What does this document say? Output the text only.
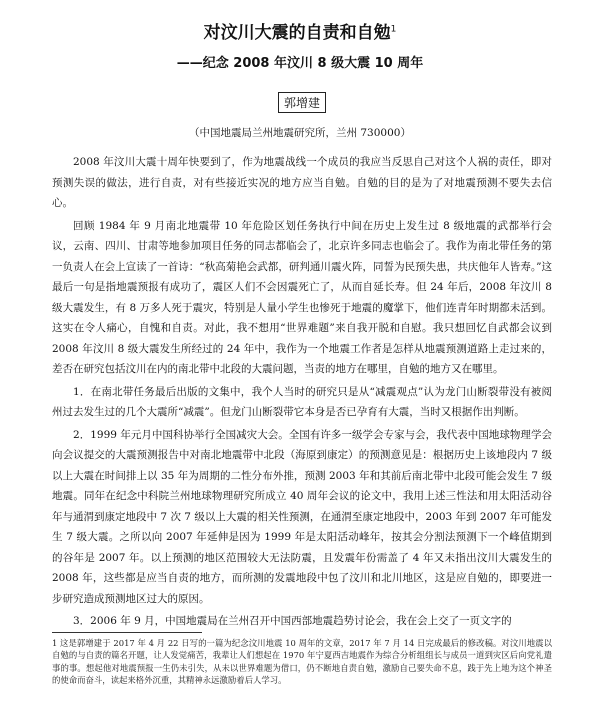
对汶川大震的自责和自勉$^1$
——纪念 2008 年汶川 8 级大震 10 周年
郭增建
（中国地震局兰州地震研究所，兰州 730000）

2008 年汶川大震十周年快要到了，作为地震战线一个成员的我应当反思自己对这个人祸的责任，即对预测失误的做法，进行自责，对有些接近实况的地方应当自勉。自勉的目的是为了对地震预测不要失去信心。

回顾 1984 年 9 月南北地震带 10 年危险区划任务执行中间在历史上发生过 8 级地震的武都举行会议，云南、四川、甘肃等地参加项目任务的同志都临会了，北京许多同志也临会了。我作为南北带任务的第一负责人在会上宣读了一首诗：“秋高菊艳会武都，研判通川震火阵，同誓为民预失患，共庆他年人皆寿。”这最后一句是指地震预报有成功了，震区人们不会因震死亡了，从而自延长寿。但 24 年后，2008 年汶川 8 级大震发生，有 8 万多人死于震灾，特别是人量小学生也惨死于地震的魔掌下，他们连青年时期都未活到。这实在令人痛心，自愧和自责。对此，我不想用“世界难题”来自我开脱和自慰。我只想回忆自武都会议到 2008 年汶川 8 级大震发生所经过的 24 年中，我作为一个地震工作者是怎样从地震预测道路上走过来的，差否在研究包括汶川在内的南北带中北段的大震问题，当责的地方在哪里，自勉的地方又在哪里。

1．在南北带任务最后出版的文集中，我个人当时的研究只是从“减震观点”认为龙门山断裂带没有被阅州过去发生过的几个大震所“减震”。但龙门山断裂带它本身是否已孕育有大震，当时又根据作出判断。

2．1999 年元月中国科协举行全国减灾大会。全国有许多一级学会专家与会，我代表中国地球物理学会向会议提交的大震预测报告中对南北地震带中北段（海原到康定）的预测意见是：根据历史上该地段内 7 级以上大震在时间排上以 35 年为周期的二性分布外推，预测 2003 年和其前后南北带中北段可能会发生 7 级地震。同年在纪念中科院兰州地球物理研究所成立 40 周年会议的论文中，我用上述三性法和用太阳活动谷年与通渭到康定地段中 7 次 7 级以上大震的相关性预测，在通渭至康定地段中，2003 年到 2007 年可能发生 7 级大震。之所以向 2007 年延伸是因为 1999 年是太阳活动峰年，按其会分割法预测下一个峰值期到的谷年是 2007 年。以上预测的地区范围较大无法防震，且发震年份需盖了 4 年又未指出汶川大震发生的 2008 年，这些都是应当自责的地方，而所测的发震地段中包了汶川和北川地区，这是应自勉的，即要进一步研究造成预测地区过大的原因。

3．2006 年 9 月，中国地震局在兰州召开中国西部地震趋势讨论会，我在会上交了一页文字的

1 这是郭增建于 2017 年 4 月 22 日写的一篇为纪念汶川地震 10 周年的文章，2017 年 7 月 14 日完成最后的修改稿。对汶川地震以自勉的与自责的篇名开题，让人发觉痛苦，我辈让人们想起在 1970 年宁夏西吉地震作为综合分析组组长与成员一道到灾区后向党礼遣事的事。想起他对地震预报一生仍未引失，从未以世界难题为借口，仍不断地自责自勉，激励自己要失命不息，践于先上地为这个神圣的使命而奋斗，读起来格外沉重，其精神永远激励着后人学习。
